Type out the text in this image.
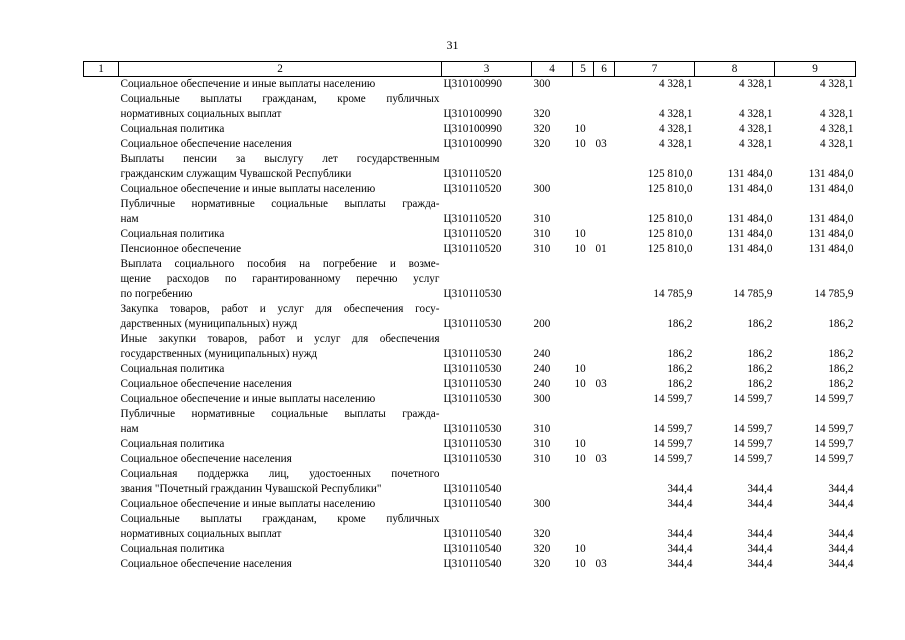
31
1	2	3	4	5	6	7	8	9

	Социальное обеспечение и иные выплаты населению	Ц310100990	300			4 328,1	4 328,1	4 328,1

	Социальные выплаты гражданам, кроме публичных
нормативных социальных выплат	Ц310100990	320			4 328,1	4 328,1	4 328,1

	Социальная политика	Ц310100990	320	10		4 328,1	4 328,1	4 328,1

	Социальное обеспечение населения	Ц310100990	320	10	03	4 328,1	4 328,1	4 328,1

	Выплаты пенсии за выслугу лет государственным
гражданским служащим Чувашской Республики	Ц310110520				125 810,0	131 484,0	131 484,0

	Социальное обеспечение и иные выплаты населению	Ц310110520	300			125 810,0	131 484,0	131 484,0

	Публичные нормативные социальные выплаты гражда-
нам	Ц310110520	310			125 810,0	131 484,0	131 484,0

	Социальная политика	Ц310110520	310	10		125 810,0	131 484,0	131 484,0

	Пенсионное обеспечение	Ц310110520	310	10	01	125 810,0	131 484,0	131 484,0

	Выплата социального пособия на погребение и возме-
щение расходов по гарантированному перечню услуг
по погребению	Ц310110530				14 785,9	14 785,9	14 785,9

	Закупка товаров, работ и услуг для обеспечения госу-
дарственных (муниципальных) нужд	Ц310110530	200			186,2	186,2	186,2

	Иные закупки товаров, работ и услуг для обеспечения
государственных (муниципальных) нужд	Ц310110530	240			186,2	186,2	186,2

	Социальная политика	Ц310110530	240	10		186,2	186,2	186,2

	Социальное обеспечение населения	Ц310110530	240	10	03	186,2	186,2	186,2

	Социальное обеспечение и иные выплаты населению	Ц310110530	300			14 599,7	14 599,7	14 599,7

	Публичные нормативные социальные выплаты гражда-
нам	Ц310110530	310			14 599,7	14 599,7	14 599,7

	Социальная политика	Ц310110530	310	10		14 599,7	14 599,7	14 599,7

	Социальное обеспечение населения	Ц310110530	310	10	03	14 599,7	14 599,7	14 599,7

	Социальная поддержка лиц, удостоенных почетного
звания "Почетный гражданин Чувашской Республики"	Ц310110540				344,4	344,4	344,4

	Социальное обеспечение и иные выплаты населению	Ц310110540	300			344,4	344,4	344,4

	Социальные выплаты гражданам, кроме публичных
нормативных социальных выплат	Ц310110540	320			344,4	344,4	344,4

	Социальная политика	Ц310110540	320	10		344,4	344,4	344,4

	Социальное обеспечение населения	Ц310110540	320	10	03	344,4	344,4	344,4
